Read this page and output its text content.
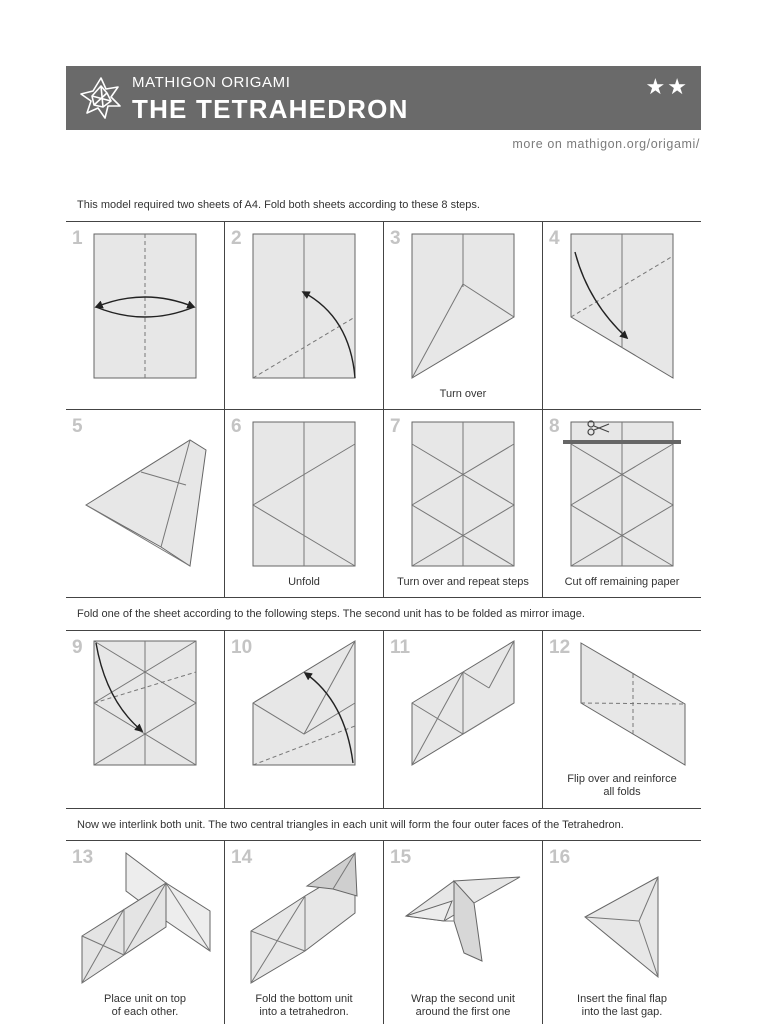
MATHIGON ORIGAMI
THE TETRAHEDRON
★★
more on mathigon.org/origami/
This model required two sheets of A4. Fold both sheets according to these 8 steps.
Fold one of the sheet according to the following steps. The second unit has to be folded as mirror image.
Now we interlink both unit. The two central triangles in each unit will form the four outer faces of the Tetrahedron.
1	2	3
Turn over
4
5	6
Unfold
7
Turn over and repeat steps
8
Cut off remaining paper
9	10	11	12
Flip over and reinforce
all folds
13
Place unit on top
of each other.
14
Fold the bottom unit
into a tetrahedron.
15
Wrap the second unit
around the first one
16
Insert the final flap
into the last gap.
